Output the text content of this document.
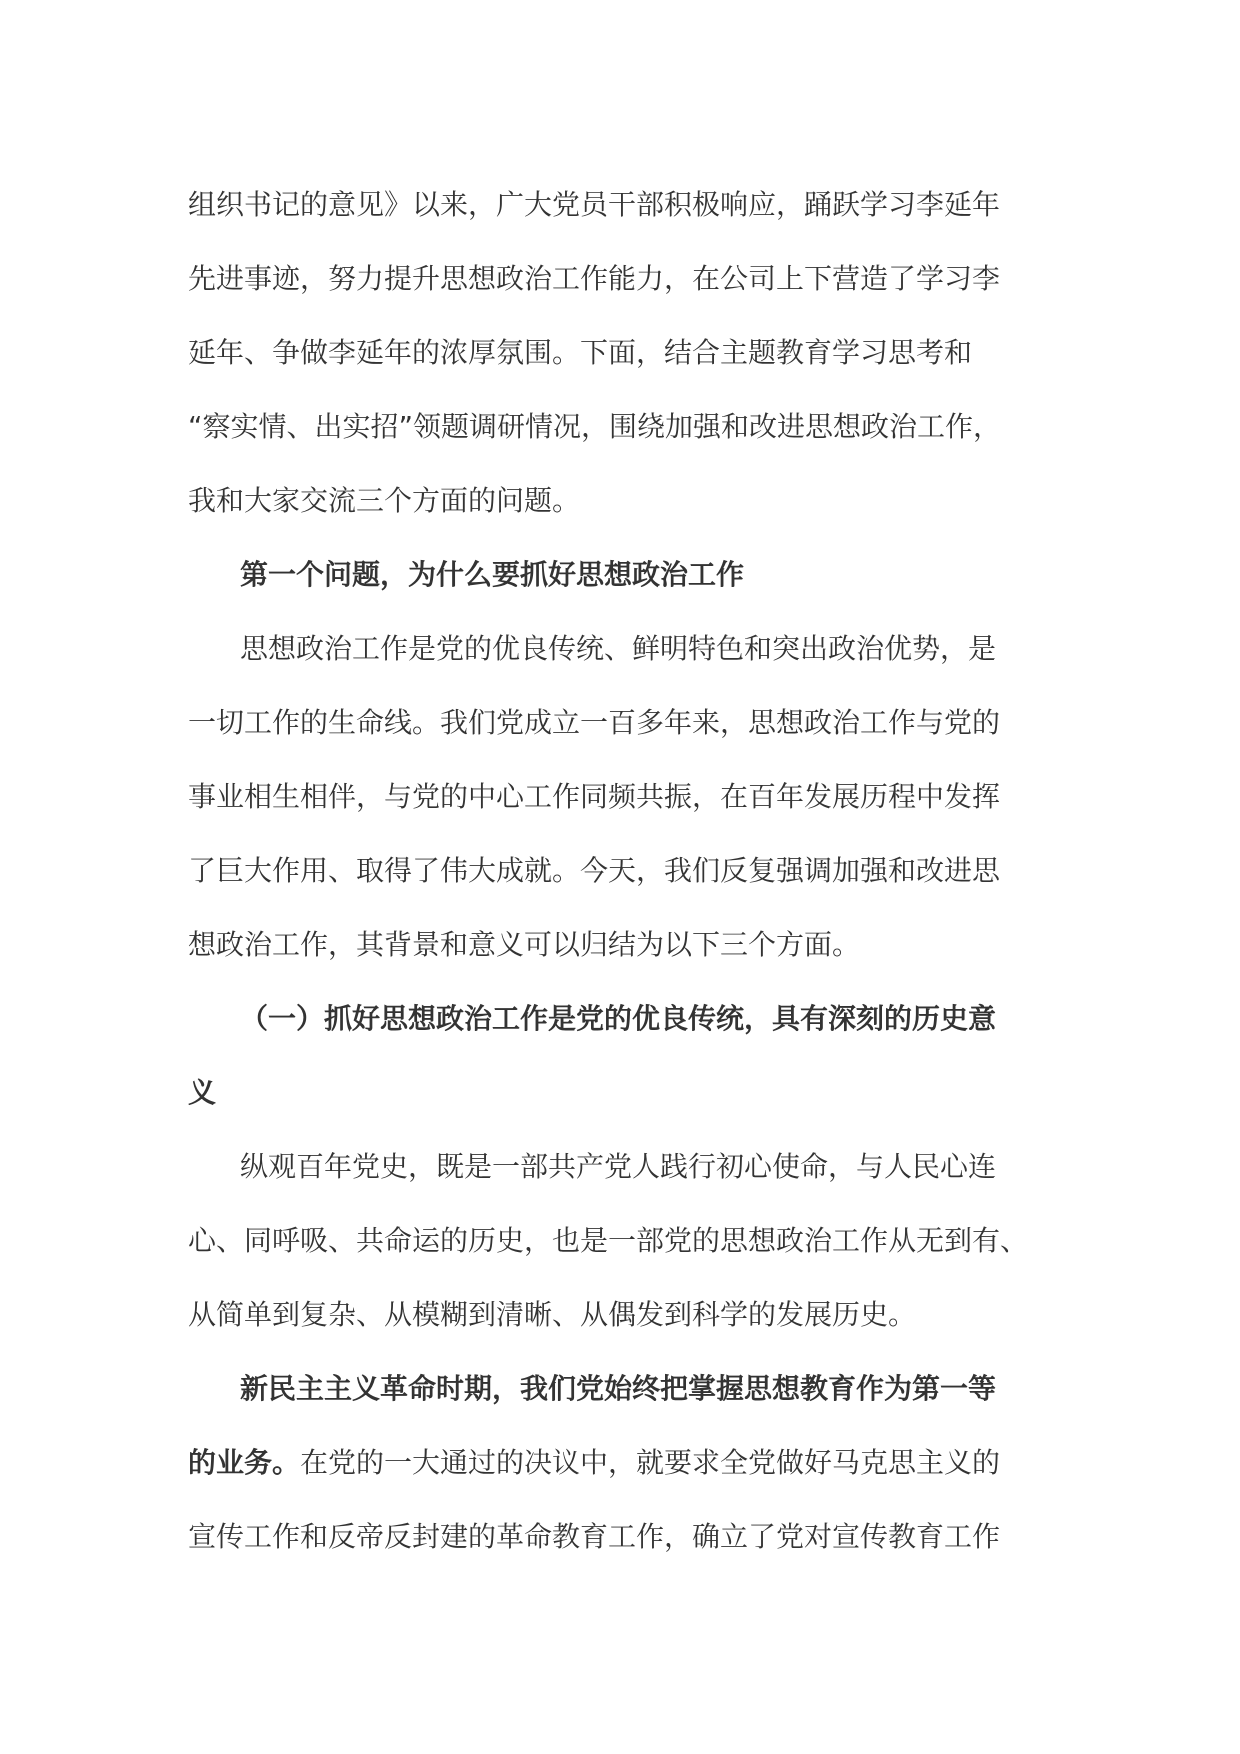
组织书记的意见》以来，广大党员干部积极响应，踊跃学习李延年
先进事迹，努力提升思想政治工作能力，在公司上下营造了学习李
延年、争做李延年的浓厚氛围。下面，结合主题教育学习思考和
“察实情、出实招”领题调研情况，围绕加强和改进思想政治工作，
我和大家交流三个方面的问题。
第一个问题，为什么要抓好思想政治工作
思想政治工作是党的优良传统、鲜明特色和突出政治优势，是
一切工作的生命线。我们党成立一百多年来，思想政治工作与党的
事业相生相伴，与党的中心工作同频共振，在百年发展历程中发挥
了巨大作用、取得了伟大成就。今天，我们反复强调加强和改进思
想政治工作，其背景和意义可以归结为以下三个方面。
（一）抓好思想政治工作是党的优良传统，具有深刻的历史意
义
纵观百年党史，既是一部共产党人践行初心使命，与人民心连
心、同呼吸、共命运的历史，也是一部党的思想政治工作从无到有、
从简单到复杂、从模糊到清晰、从偶发到科学的发展历史。
新民主主义革命时期，我们党始终把掌握思想教育作为第一等
的业务。在党的一大通过的决议中，就要求全党做好马克思主义的
宣传工作和反帝反封建的革命教育工作，确立了党对宣传教育工作
